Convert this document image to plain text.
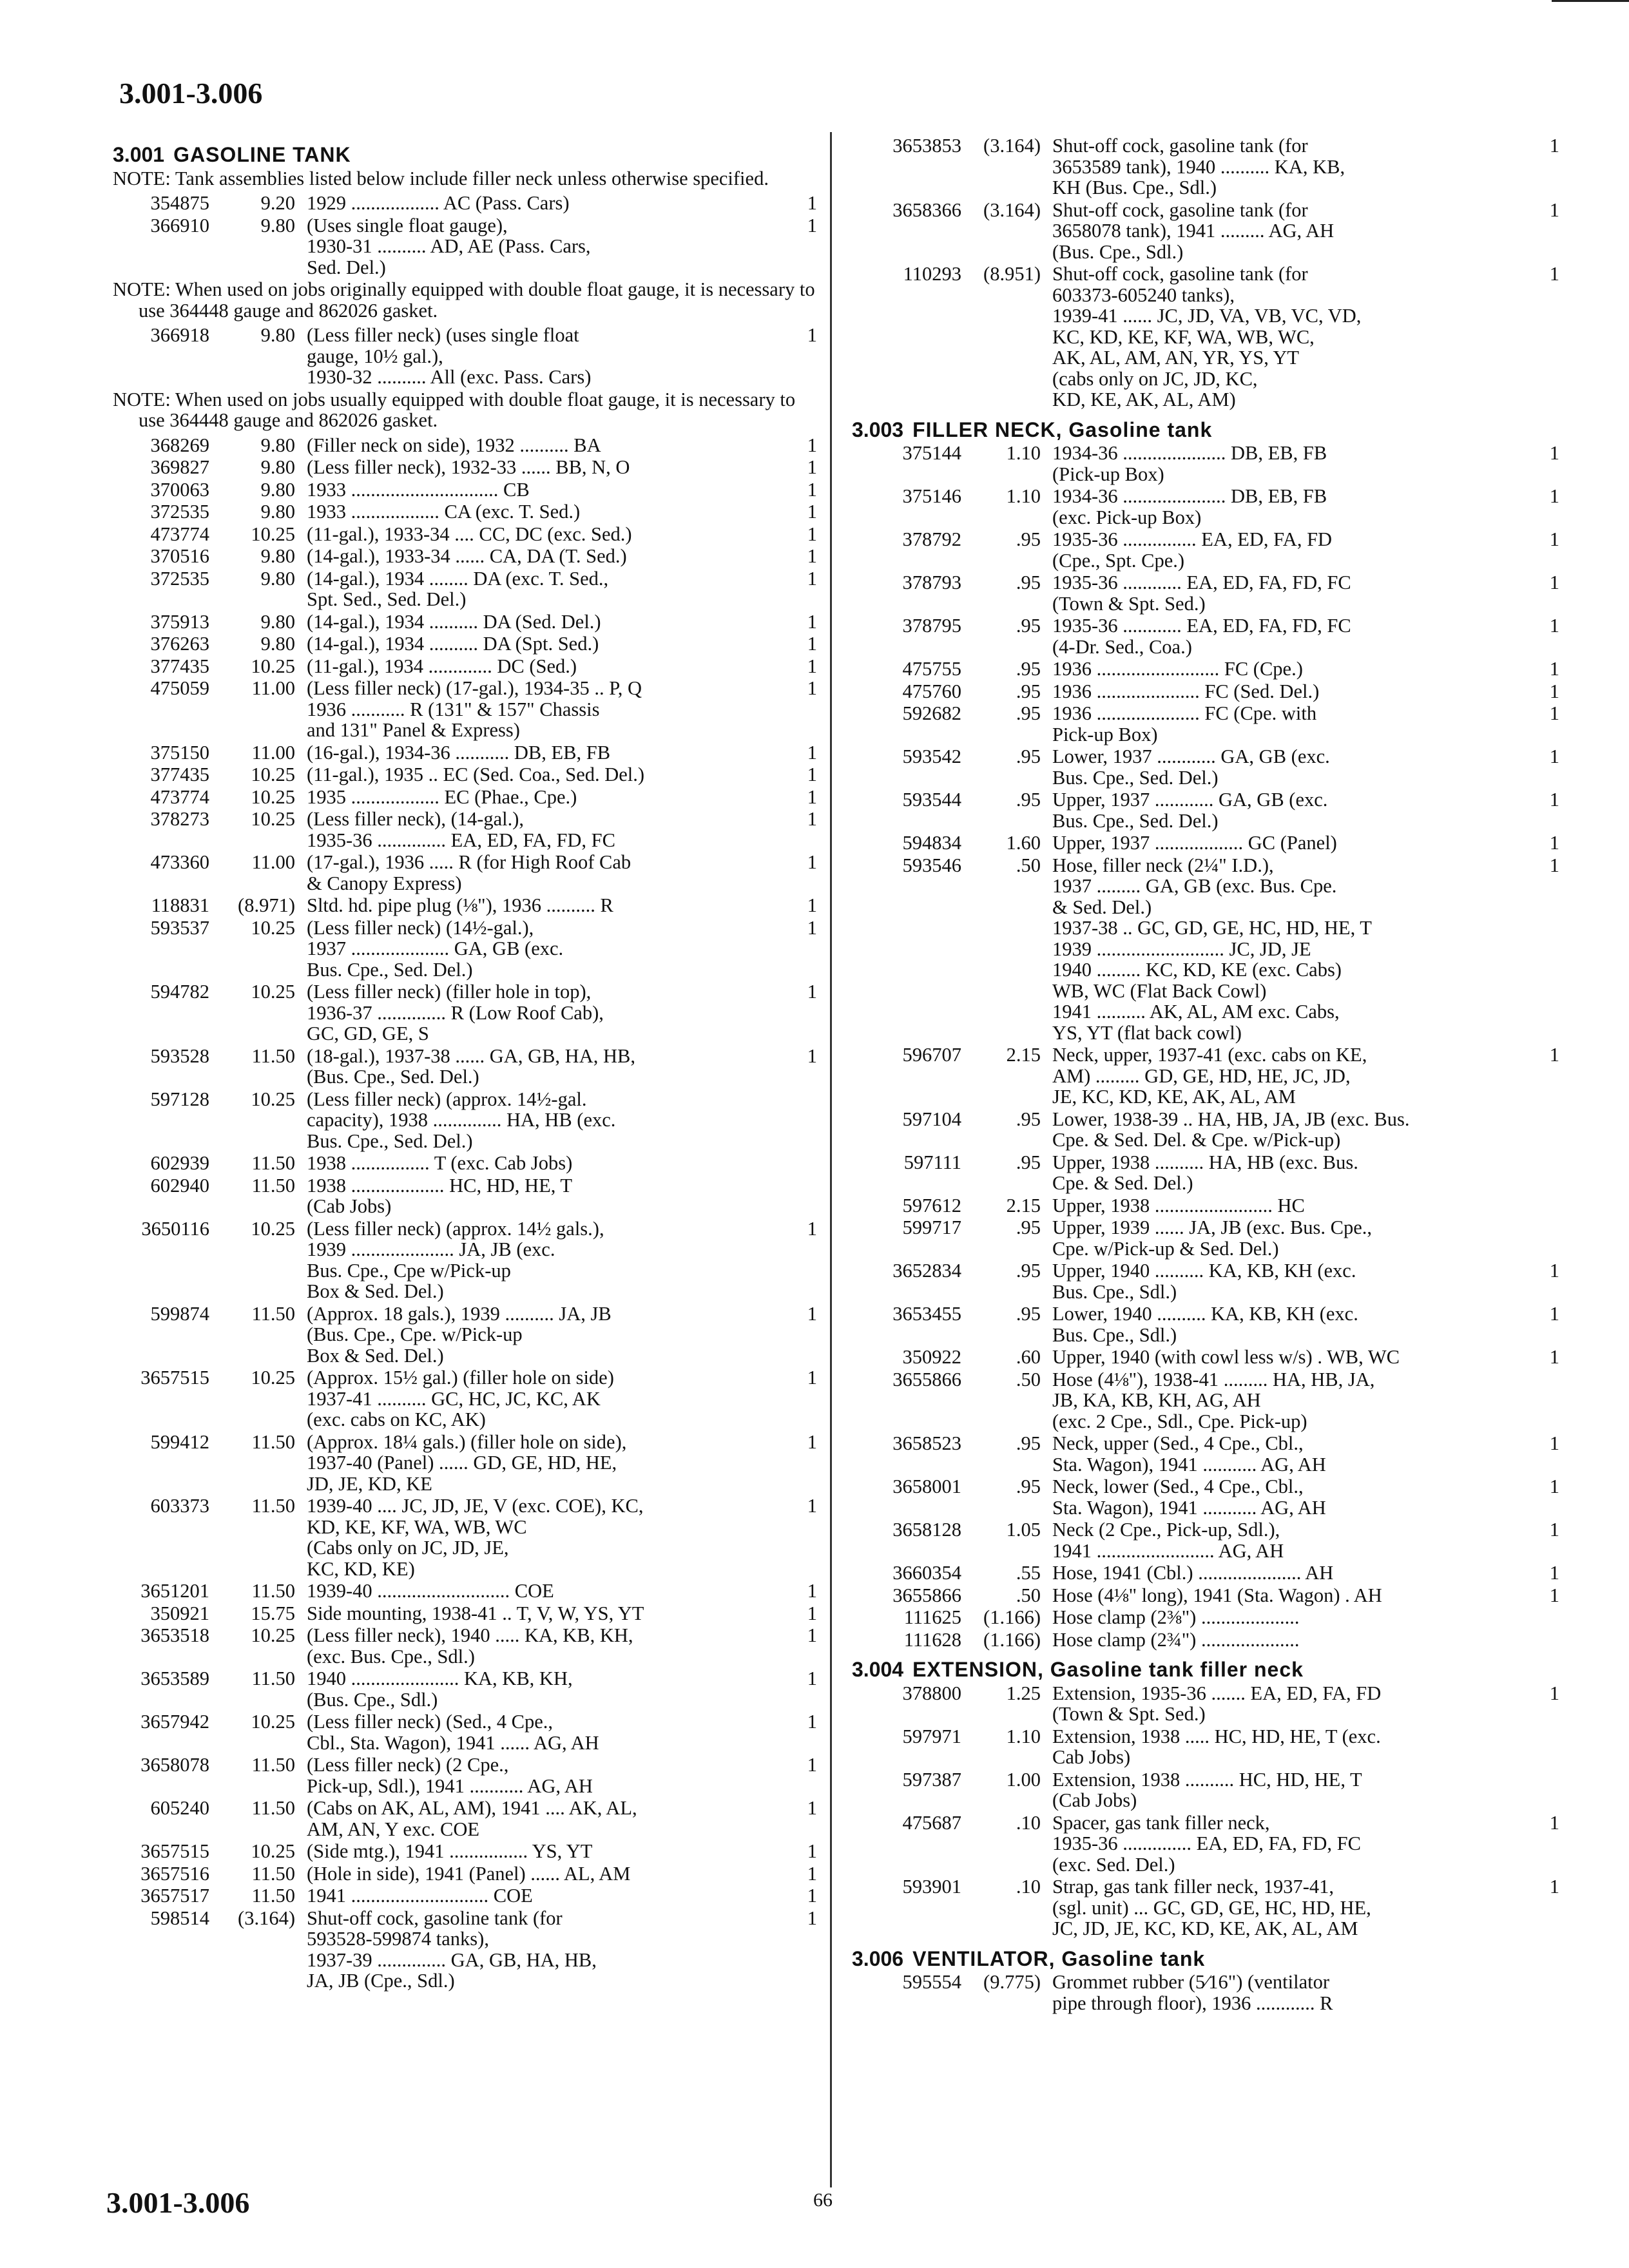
3.001-3.006
3.001 GASOLINE TANK
NOTE: Tank assemblies listed below include filler neck unless otherwise specified.
354875	9.20 1929 .................. AC (Pass. Cars)	1
366910	9.80 (Uses single float gauge),
1930-31 .......... AD, AE (Pass. Cars,
Sed. Del.)
1
NOTE: When used on jobs originally equipped with double float gauge, it is necessary to use 364448 gauge and 862026 gasket.
366918	9.80 (Less filler neck) (uses single float
gauge, 10½ gal.),
1930-32 .......... All (exc. Pass. Cars)
1
NOTE: When used on jobs usually equipped with double float gauge, it is necessary to use 364448 gauge and 862026 gasket.
368269	9.80 (Filler neck on side), 1932 .......... BA	1
369827	9.80 (Less filler neck), 1932-33 ...... BB, N, O	1
370063	9.80 1933 .............................. CB	1
372535	9.80 1933 .................. CA (exc. T. Sed.)	1
473774	10.25 (11-gal.), 1933-34 .... CC, DC (exc. Sed.)	1
370516	9.80 (14-gal.), 1933-34 ...... CA, DA (T. Sed.)	1
372535	9.80 (14-gal.), 1934 ........ DA (exc. T. Sed.,
Spt. Sed., Sed. Del.)
1
375913	9.80 (14-gal.), 1934 .......... DA (Sed. Del.)	1
376263	9.80 (14-gal.), 1934 .......... DA (Spt. Sed.)	1
377435	10.25 (11-gal.), 1934 ............. DC (Sed.)	1
475059	11.00 (Less filler neck) (17-gal.), 1934-35 .. P, Q
1936 ........... R (131" & 157" Chassis
and 131" Panel & Express)
1
375150	11.00 (16-gal.), 1934-36 ........... DB, EB, FB	1
377435	10.25 (11-gal.), 1935 .. EC (Sed. Coa., Sed. Del.)	1
473774	10.25 1935 .................. EC (Phae., Cpe.)	1
378273	10.25 (Less filler neck), (14-gal.),
1935-36 .............. EA, ED, FA, FD, FC
1
473360	11.00 (17-gal.), 1936 ..... R (for High Roof Cab
& Canopy Express)
1
118831	(8.971) Sltd. hd. pipe plug (⅛"), 1936 .......... R	1
593537	10.25 (Less filler neck) (14½-gal.),
1937 .................... GA, GB (exc.
Bus. Cpe., Sed. Del.)
1
594782	10.25 (Less filler neck) (filler hole in top),
1936-37 .............. R (Low Roof Cab),
GC, GD, GE, S
1
593528	11.50 (18-gal.), 1937-38 ...... GA, GB, HA, HB,
(Bus. Cpe., Sed. Del.)
1
597128	10.25 (Less filler neck) (approx. 14½-gal.
capacity), 1938 .............. HA, HB (exc.
Bus. Cpe., Sed. Del.)
602939	11.50 1938 ................ T (exc. Cab Jobs)
602940	11.50 1938 ................... HC, HD, HE, T
(Cab Jobs)
3650116	10.25 (Less filler neck) (approx. 14½ gals.),
1939 ..................... JA, JB (exc.
Bus. Cpe., Cpe w/Pick-up
Box & Sed. Del.)
1
599874	11.50 (Approx. 18 gals.), 1939 .......... JA, JB
(Bus. Cpe., Cpe. w/Pick-up
Box & Sed. Del.)
1
3657515	10.25 (Approx. 15½ gal.) (filler hole on side)
1937-41 .......... GC, HC, JC, KC, AK
(exc. cabs on KC, AK)
1
599412	11.50 (Approx. 18¼ gals.) (filler hole on side),
1937-40 (Panel) ...... GD, GE, HD, HE,
JD, JE, KD, KE
1
603373	11.50 1939-40 .... JC, JD, JE, V (exc. COE), KC,
KD, KE, KF, WA, WB, WC
(Cabs only on JC, JD, JE,
KC, KD, KE)
1
3651201	11.50 1939-40 ........................... COE	1
350921	15.75 Side mounting, 1938-41 .. T, V, W, YS, YT	1
3653518	10.25 (Less filler neck), 1940 ..... KA, KB, KH,
(exc. Bus. Cpe., Sdl.)
1
3653589	11.50 1940 ...................... KA, KB, KH,
(Bus. Cpe., Sdl.)
1
3657942	10.25 (Less filler neck) (Sed., 4 Cpe.,
Cbl., Sta. Wagon), 1941 ...... AG, AH
1
3658078	11.50 (Less filler neck) (2 Cpe.,
Pick-up, Sdl.), 1941 ........... AG, AH
1
605240	11.50 (Cabs on AK, AL, AM), 1941 .... AK, AL,
AM, AN, Y exc. COE
1
3657515	10.25 (Side mtg.), 1941 ................ YS, YT	1
3657516	11.50 (Hole in side), 1941 (Panel) ...... AL, AM	1
3657517	11.50 1941 ............................ COE	1
598514	(3.164) Shut-off cock, gasoline tank (for
593528-599874 tanks),
1937-39 .............. GA, GB, HA, HB,
JA, JB (Cpe., Sdl.)
1
3653853	(3.164) Shut-off cock, gasoline tank (for
3653589 tank), 1940 .......... KA, KB,
KH (Bus. Cpe., Sdl.)
1
3658366	(3.164) Shut-off cock, gasoline tank (for
3658078 tank), 1941 ......... AG, AH
(Bus. Cpe., Sdl.)
1
110293	(8.951) Shut-off cock, gasoline tank (for
603373-605240 tanks),
1939-41 ...... JC, JD, VA, VB, VC, VD,
KC, KD, KE, KF, WA, WB, WC,
AK, AL, AM, AN, YR, YS, YT
(cabs only on JC, JD, KC,
KD, KE, AK, AL, AM)
1
3.003 FILLER NECK, Gasoline tank
375144	1.10 1934-36 ..................... DB, EB, FB
(Pick-up Box)
1
375146	1.10 1934-36 ..................... DB, EB, FB
(exc. Pick-up Box)
1
378792	.95 1935-36 ............... EA, ED, FA, FD
(Cpe., Spt. Cpe.)
1
378793	.95 1935-36 ............ EA, ED, FA, FD, FC
(Town & Spt. Sed.)
1
378795	.95 1935-36 ............ EA, ED, FA, FD, FC
(4-Dr. Sed., Coa.)
1
475755	.95 1936 ......................... FC (Cpe.)	1
475760	.95 1936 ..................... FC (Sed. Del.)	1
592682	.95 1936 ..................... FC (Cpe. with
Pick-up Box)
1
593542	.95 Lower, 1937 ............ GA, GB (exc.
Bus. Cpe., Sed. Del.)
1
593544	.95 Upper, 1937 ............ GA, GB (exc.
Bus. Cpe., Sed. Del.)
1
594834	1.60 Upper, 1937 .................. GC (Panel)	1
593546	.50 Hose, filler neck (2¼" I.D.),
1937 ......... GA, GB (exc. Bus. Cpe.
& Sed. Del.)
1937-38 .. GC, GD, GE, HC, HD, HE, T
1939 .......................... JC, JD, JE
1940 ......... KC, KD, KE (exc. Cabs)
WB, WC (Flat Back Cowl)
1941 .......... AK, AL, AM exc. Cabs,
YS, YT (flat back cowl)
1
596707	2.15 Neck, upper, 1937-41 (exc. cabs on KE,
AM) ......... GD, GE, HD, HE, JC, JD,
JE, KC, KD, KE, AK, AL, AM
1
597104	.95 Lower, 1938-39 .. HA, HB, JA, JB (exc. Bus.
Cpe. & Sed. Del. & Cpe. w/Pick-up)
597111	.95 Upper, 1938 .......... HA, HB (exc. Bus.
Cpe. & Sed. Del.)
597612	2.15 Upper, 1938 ........................ HC
599717	.95 Upper, 1939 ...... JA, JB (exc. Bus. Cpe.,
Cpe. w/Pick-up & Sed. Del.)
3652834	.95 Upper, 1940 .......... KA, KB, KH (exc.
Bus. Cpe., Sdl.)
1
3653455	.95 Lower, 1940 .......... KA, KB, KH (exc.
Bus. Cpe., Sdl.)
1
350922	.60 Upper, 1940 (with cowl less w/s) . WB, WC	1
3655866	.50 Hose (4⅛"), 1938-41 ......... HA, HB, JA,
JB, KA, KB, KH, AG, AH
(exc. 2 Cpe., Sdl., Cpe. Pick-up)
3658523	.95 Neck, upper (Sed., 4 Cpe., Cbl.,
Sta. Wagon), 1941 ........... AG, AH
1
3658001	.95 Neck, lower (Sed., 4 Cpe., Cbl.,
Sta. Wagon), 1941 ........... AG, AH
1
3658128	1.05 Neck (2 Cpe., Pick-up, Sdl.),
1941 ........................ AG, AH
1
3660354	.55 Hose, 1941 (Cbl.) ..................... AH	1
3655866	.50 Hose (4⅛" long), 1941 (Sta. Wagon) . AH	1
111625	(1.166) Hose clamp (2⅜") ....................
111628	(1.166) Hose clamp (2¾") ....................
3.004 EXTENSION, Gasoline tank filler neck
378800	1.25 Extension, 1935-36 ....... EA, ED, FA, FD
(Town & Spt. Sed.)
1
597971	1.10 Extension, 1938 ..... HC, HD, HE, T (exc.
Cab Jobs)
597387	1.00 Extension, 1938 .......... HC, HD, HE, T
(Cab Jobs)
475687	.10 Spacer, gas tank filler neck,
1935-36 .............. EA, ED, FA, FD, FC
(exc. Sed. Del.)
1
593901	.10 Strap, gas tank filler neck, 1937-41,
(sgl. unit) ... GC, GD, GE, HC, HD, HE,
JC, JD, JE, KC, KD, KE, AK, AL, AM
1
3.006 VENTILATOR, Gasoline tank
595554	(9.775) Grommet rubber (5⁄16") (ventilator
pipe through floor), 1936 ............ R
3.001-3.006	66
